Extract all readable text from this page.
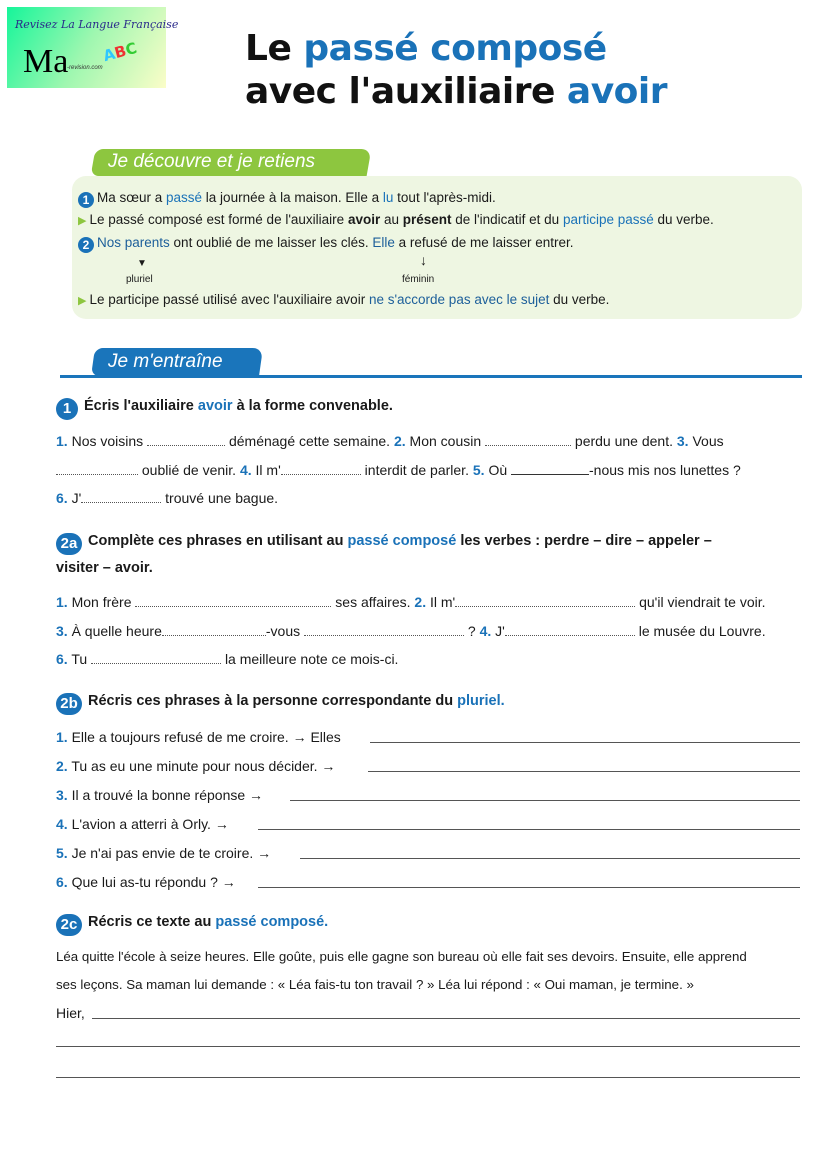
Revisez La Langue Française
Ma ABC
-revision.com	Le passé composé
avec l'auxiliaire avoir
Je découvre et je retiens
1 Ma sœur a passé la journée à la maison. Elle a lu tout l'après-midi.
▶ Le passé composé est formé de l'auxiliaire avoir au présent de l'indicatif et du participe passé du verbe.
2 Nos parents ont oublié de me laisser les clés. Elle a refusé de me laisser entrer.
▼	↓
pluriel	féminin
▶ Le participe passé utilisé avec l'auxiliaire avoir ne s'accorde pas avec le sujet du verbe.
Je m'entraîne
1 Écris l'auxiliaire avoir à la forme convenable.
1. Nos voisins	déménagé cette semaine. 2. Mon cousin	perdu une dent. 3. Vous
oublié de venir. 4. Il m'	interdit de parler. 5. Où	-nous mis nos lunettes ?
6. J'	trouvé une bague.
2a Complète ces phrases en utilisant au passé composé les verbes : perdre – dire – appeler –
visiter – avoir.
1. Mon frère	ses affaires. 2. Il m'	qu'il viendrait te voir.
3. À quelle heure	-vous	? 4. J'	le musée du Louvre.
6. Tu	la meilleure note ce mois-ci.
2b Récris ces phrases à la personne correspondante du pluriel.
1. Elle a toujours refusé de me croire. → Elles
2. Tu as eu une minute pour nous décider. →
3. Il a trouvé la bonne réponse →
4. L'avion a atterri à Orly. →
5. Je n'ai pas envie de te croire. →
6. Que lui as-tu répondu ? →
2c Récris ce texte au passé composé.
Léa quitte l'école à seize heures. Elle goûte, puis elle gagne son bureau où elle fait ses devoirs. Ensuite, elle apprend
ses leçons. Sa maman lui demande : « Léa fais-tu ton travail ? » Léa lui répond : « Oui maman, je termine. »
Hier,
